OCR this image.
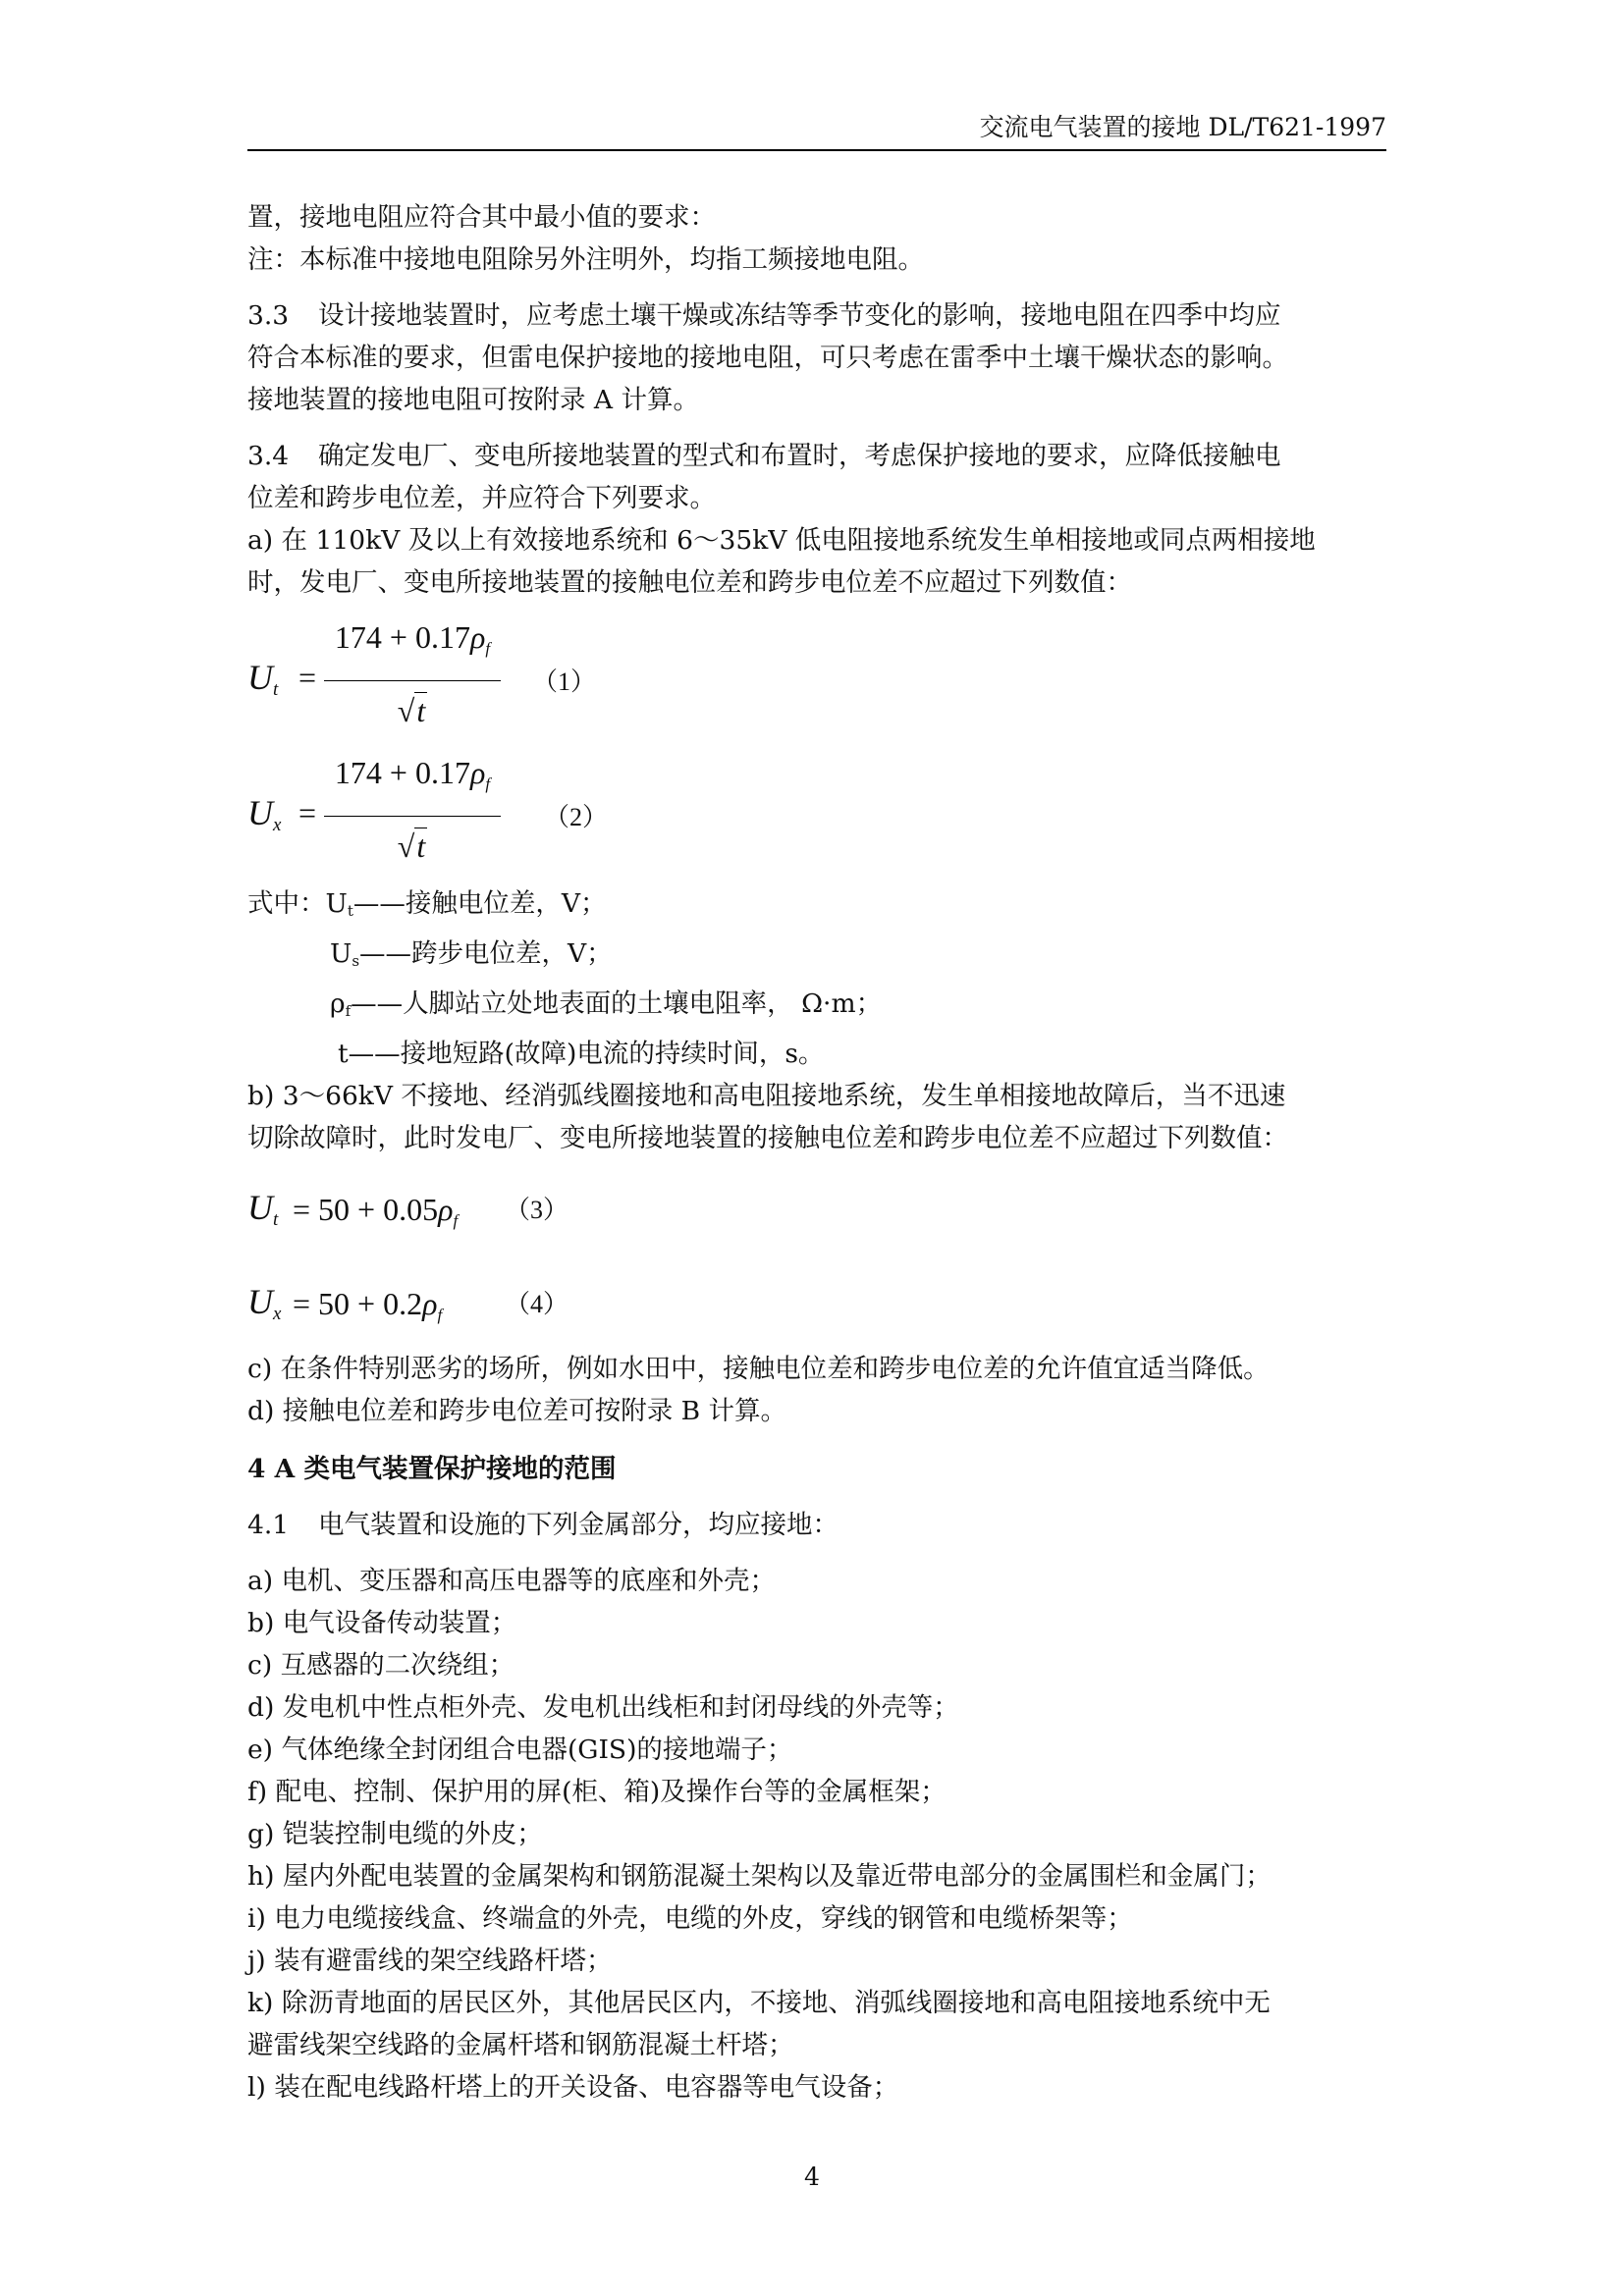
交流电气装置的接地 DL/T621-1997

置，接地电阻应符合其中最小值的要求：

注：本标准中接地电阻除另外注明外，均指工频接地电阻。

3.3 设计接地装置时，应考虑土壤干燥或冻结等季节变化的影响，接地电阻在四季中均应

符合本标准的要求，但雷电保护接地的接地电阻，可只考虑在雷季中土壤干燥状态的影响。

接地装置的接地电阻可按附录 A 计算。

3.4 确定发电厂、变电所接地装置的型式和布置时，考虑保护接地的要求，应降低接触电

位差和跨步电位差，并应符合下列要求。

a) 在 110kV 及以上有效接地系统和 6～35kV 低电阻接地系统发生单相接地或同点两相接地

时，发电厂、变电所接地装置的接触电位差和跨步电位差不应超过下列数值：

$U_t$ =
$174 + 0.17\rho_f$
√t
（1）
$U_x$ =
$174 + 0.17\rho_f$
√t
（2）

式中：$U_t——$接触电位差，V；

$U_s——$跨步电位差，V；

$\rho_f——$人脚站立处地表面的土壤电阻率， Ω·m；

t——接地短路(故障)电流的持续时间，s。

b) 3～66kV 不接地、经消弧线圈接地和高电阻接地系统，发生单相接地故障后，当不迅速

切除故障时，此时发电厂、变电所接地装置的接触电位差和跨步电位差不应超过下列数值：

$U_t = 50 + 0.05\rho_f$ （3）
$U_x = 50 + 0.2\rho_f$ （4）

c) 在条件特别恶劣的场所，例如水田中，接触电位差和跨步电位差的允许值宜适当降低。

d) 接触电位差和跨步电位差可按附录 B 计算。

4 A 类电气装置保护接地的范围

4.1 电气装置和设施的下列金属部分，均应接地：

a) 电机、变压器和高压电器等的底座和外壳；

b) 电气设备传动装置；

c) 互感器的二次绕组；

d) 发电机中性点柜外壳、发电机出线柜和封闭母线的外壳等；

e) 气体绝缘全封闭组合电器(GIS)的接地端子；

f) 配电、控制、保护用的屏(柜、箱)及操作台等的金属框架；

g) 铠装控制电缆的外皮；

h) 屋内外配电装置的金属架构和钢筋混凝土架构以及靠近带电部分的金属围栏和金属门；

i) 电力电缆接线盒、终端盒的外壳，电缆的外皮，穿线的钢管和电缆桥架等；

j) 装有避雷线的架空线路杆塔；

k) 除沥青地面的居民区外，其他居民区内，不接地、消弧线圈接地和高电阻接地系统中无

避雷线架空线路的金属杆塔和钢筋混凝土杆塔；

l) 装在配电线路杆塔上的开关设备、电容器等电气设备；

4
